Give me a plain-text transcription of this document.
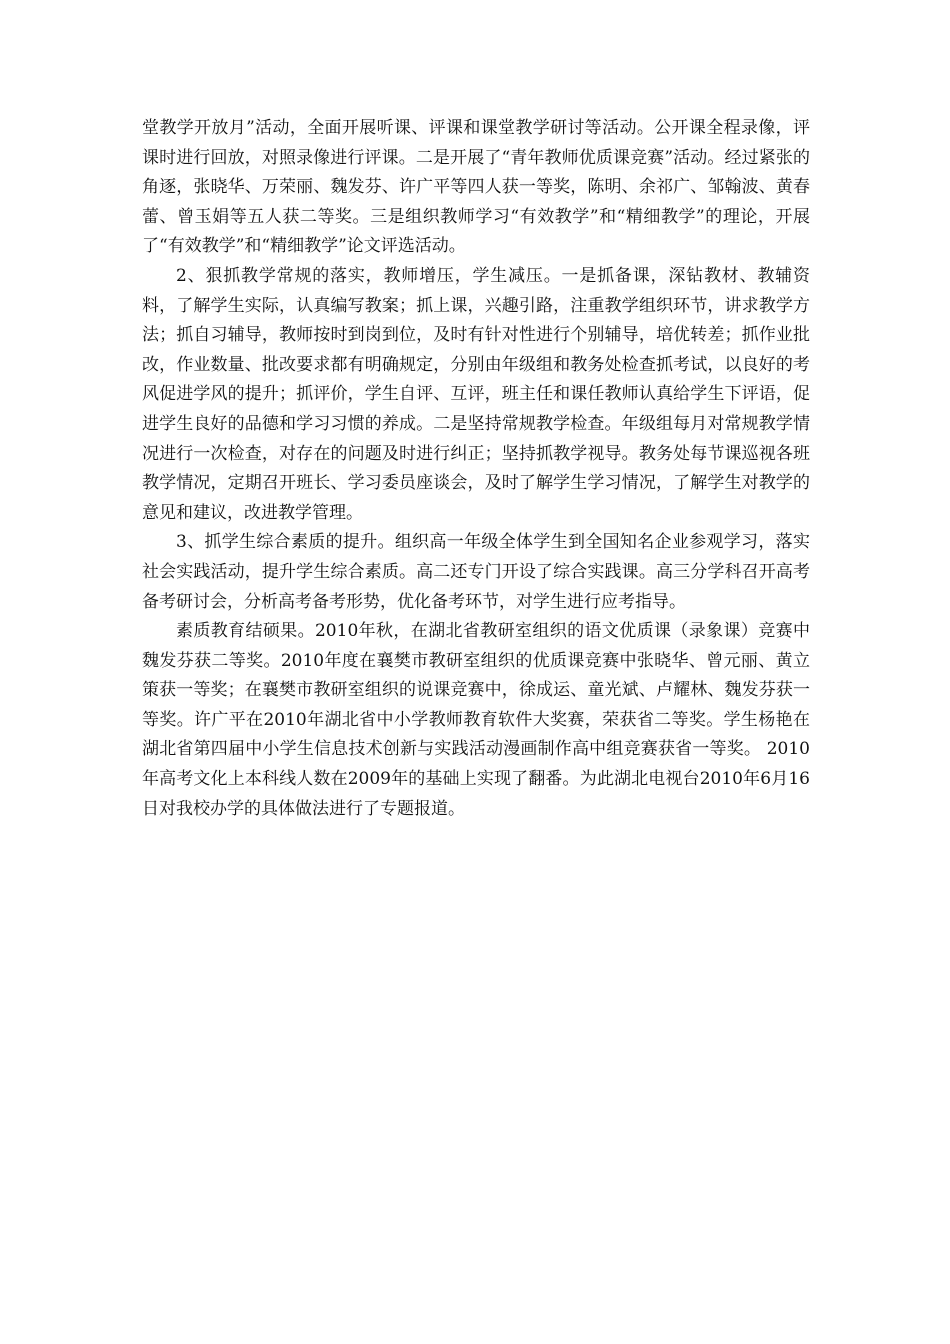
堂教学开放月”活动，全面开展听课、评课和课堂教学研讨等活动。公开课全程录像，评课时进行回放，对照录像进行评课。二是开展了“青年教师优质课竞赛”活动。经过紧张的角逐，张晓华、万荣丽、魏发芬、许广平等四人获一等奖，陈明、余祁广、邹翰波、黄春蕾、曾玉娟等五人获二等奖。三是组织教师学习“有效教学”和“精细教学”的理论，开展了“有效教学”和“精细教学”论文评选活动。

2、狠抓教学常规的落实，教师增压，学生减压。一是抓备课，深钻教材、教辅资料，了解学生实际，认真编写教案；抓上课，兴趣引路，注重教学组织环节，讲求教学方法；抓自习辅导，教师按时到岗到位，及时有针对性进行个别辅导，培优转差；抓作业批改，作业数量、批改要求都有明确规定，分别由年级组和教务处检查抓考试，以良好的考风促进学风的提升；抓评价，学生自评、互评，班主任和课任教师认真给学生下评语，促进学生良好的品德和学习习惯的养成。二是坚持常规教学检查。年级组每月对常规教学情况进行一次检查，对存在的问题及时进行纠正；坚持抓教学视导。教务处每节课巡视各班教学情况，定期召开班长、学习委员座谈会，及时了解学生学习情况，了解学生对教学的意见和建议，改进教学管理。

3、抓学生综合素质的提升。组织高一年级全体学生到全国知名企业参观学习，落实社会实践活动，提升学生综合素质。高二还专门开设了综合实践课。高三分学科召开高考备考研讨会，分析高考备考形势，优化备考环节，对学生进行应考指导。

素质教育结硕果。2010年秋，在湖北省教研室组织的语文优质课（录象课）竞赛中魏发芬获二等奖。2010年度在襄樊市教研室组织的优质课竞赛中张晓华、曾元丽、黄立策获一等奖；在襄樊市教研室组织的说课竞赛中，徐成运、童光斌、卢耀林、魏发芬获一等奖。许广平在2010年湖北省中小学教师教育软件大奖赛，荣获省二等奖。学生杨艳在湖北省第四届中小学生信息技术创新与实践活动漫画制作高中组竞赛获省一等奖。 2010年高考文化上本科线人数在2009年的基础上实现了翻番。为此湖北电视台2010年6月16日对我校办学的具体做法进行了专题报道。
